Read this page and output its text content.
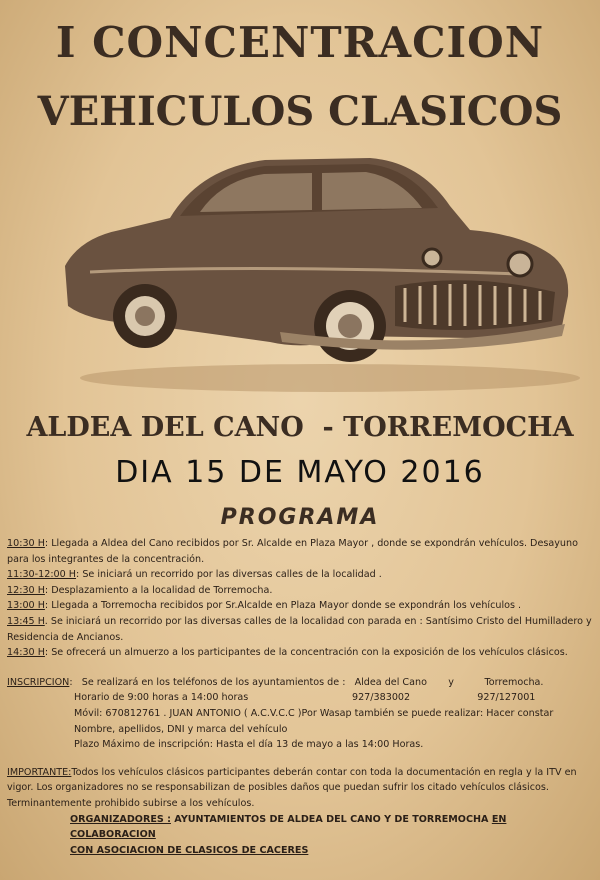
I CONCENTRACION
VEHICULOS CLASICOS
ALDEA DEL CANO  - TORREMOCHA
DIA 15 DE MAYO 2016
PROGRAMA

10:30 H: Llegada a Aldea del Cano recibidos por Sr. Alcalde en Plaza Mayor , donde se expondrán vehículos. Desayuno para los integrantes de la concentración.

11:30-12:00 H: Se iniciará un recorrido por las diversas calles de la localidad .

12:30 H: Desplazamiento a la localidad de Torremocha.

13:00 H: Llegada a Torremocha recibidos por Sr.Alcalde en Plaza Mayor donde se expondrán los vehículos .

13:45 H. Se iniciará un recorrido por las diversas calles de la localidad con parada en : Santísimo Cristo del Humilladero y Residencia de Ancianos.

14:30 H: Se ofrecerá un almuerzo a los participantes de la concentración con la exposición de los vehículos clásicos.

INSCRIPCION:   Se realizará en los teléfonos de los ayuntamientos de :   Aldea del Cano       y          Torremocha.

Horario de 9:00 horas a 14:00 horas                                  927/383002                      927/127001

Móvil: 670812761 . JUAN ANTONIO ( A.C.V.C.C )Por Wasap también se puede realizar: Hacer constar Nombre, apellidos, DNI y marca del vehículo

Plazo Máximo de inscripción: Hasta el día 13 de mayo a las 14:00 Horas.

IMPORTANTE:Todos los vehículos clásicos participantes deberán contar con toda la documentación en regla y la ITV en vigor. Los organizadores no se responsabilizan de posibles daños que puedan sufrir los citado vehículos clásicos. Terminantemente prohibido subirse a los vehículos.

ORGANIZADORES : AYUNTAMIENTOS DE ALDEA DEL CANO Y DE TORREMOCHA EN COLABORACION

CON ASOCIACION DE CLASICOS DE CACERES
